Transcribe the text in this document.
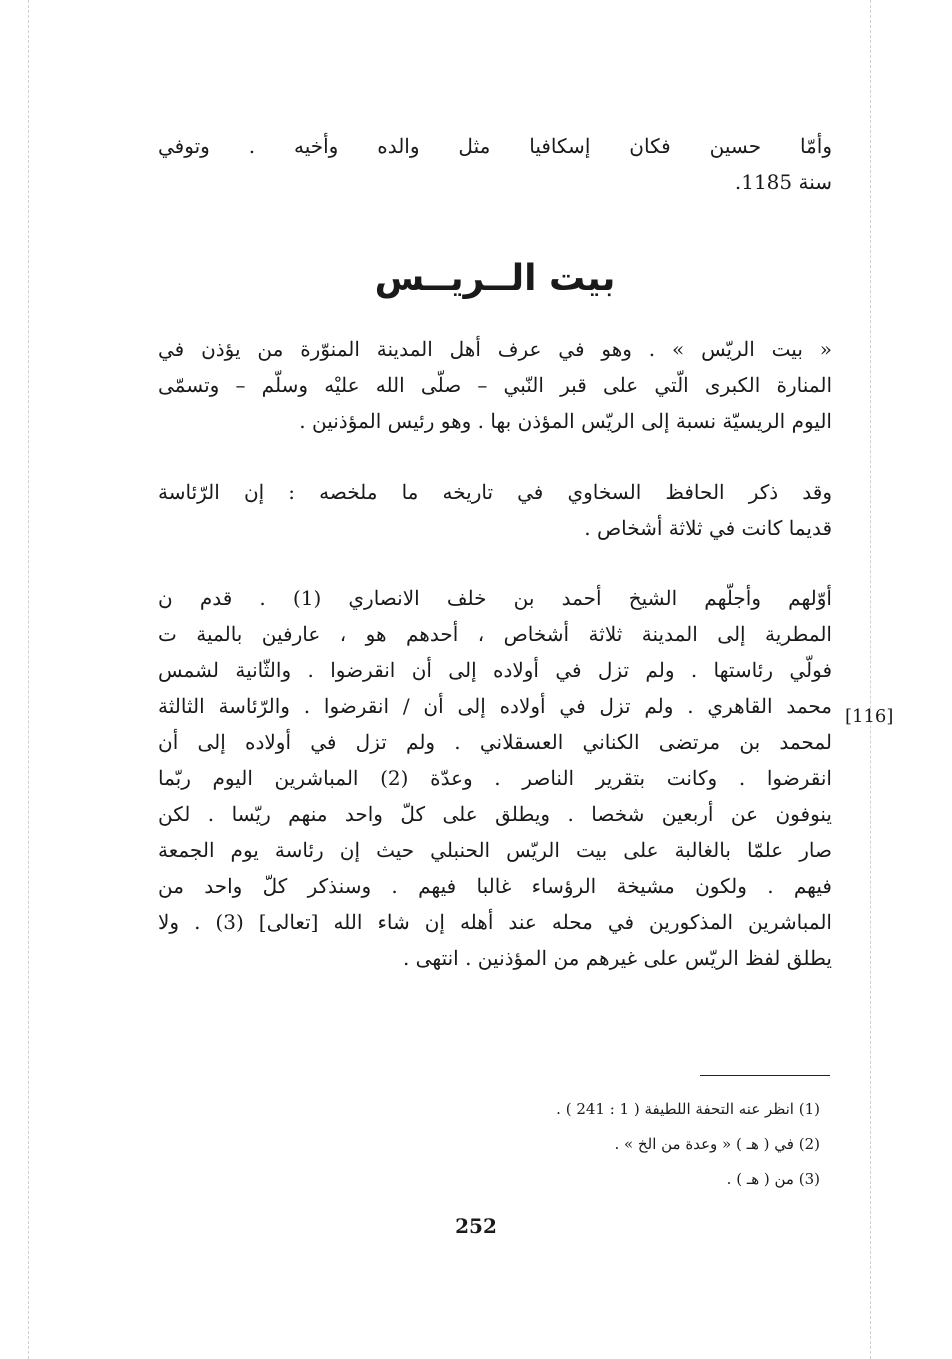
وأمّا حسين فكان إسكافيا مثل والده وأخيه . وتوفي
سنة 1185.
بيت الــريــس
« بيت الريّس » . وهو في عرف أهل المدينة المنوّرة من يؤذن في
المنارة الكبرى الّتي على قبر النّبي – صلّى الله عليْه وسلّم – وتسمّى
اليوم الريسيّة نسبة إلى الريّس المؤذن بها . وهو رئيس المؤذنين .
وقد ذكر الحافظ السخاوي في تاريخه ما ملخصه : إن الرّئاسة
قديما كانت في ثلاثة أشخاص .
أوّلهم وأجلّهم الشيخ أحمد بن خلف الانصاري (1) . قدم ن
المطرية إلى المدينة ثلاثة أشخاص ، أحدهم هو ، عارفين بالمية ت
فولّي رئاستها . ولم تزل في أولاده إلى أن انقرضوا . والثّانية لشمس
محمد القاهري . ولم تزل في أولاده إلى أن / انقرضوا . والرّئاسة الثالثة
لمحمد بن مرتضى الكناني العسقلاني . ولم تزل في أولاده إلى أن
انقرضوا . وكانت بتقرير الناصر . وعدّة (2) المباشرين اليوم ربّما
ينوفون عن أربعين شخصا . ويطلق على كلّ واحد منهم ريّسا . لكن
صار علمّا بالغالبة على بيت الريّس الحنبلي حيث إن رئاسة يوم الجمعة
فيهم . ولكون مشيخة الرؤساء غالبا فيهم . وسنذكر كلّ واحد من
المباشرين المذكورين في محله عند أهله إن شاء الله [تعالى] (3) . ولا
يطلق لفظ الريّس على غيرهم من المؤذنين . انتهى .
[116]
(1) انظر عنه التحفة اللطيفة ( 1 : 241 ) .
(2) في ( هـ ) « وعدة من الخ » .
(3) من ( هـ ) .
252
